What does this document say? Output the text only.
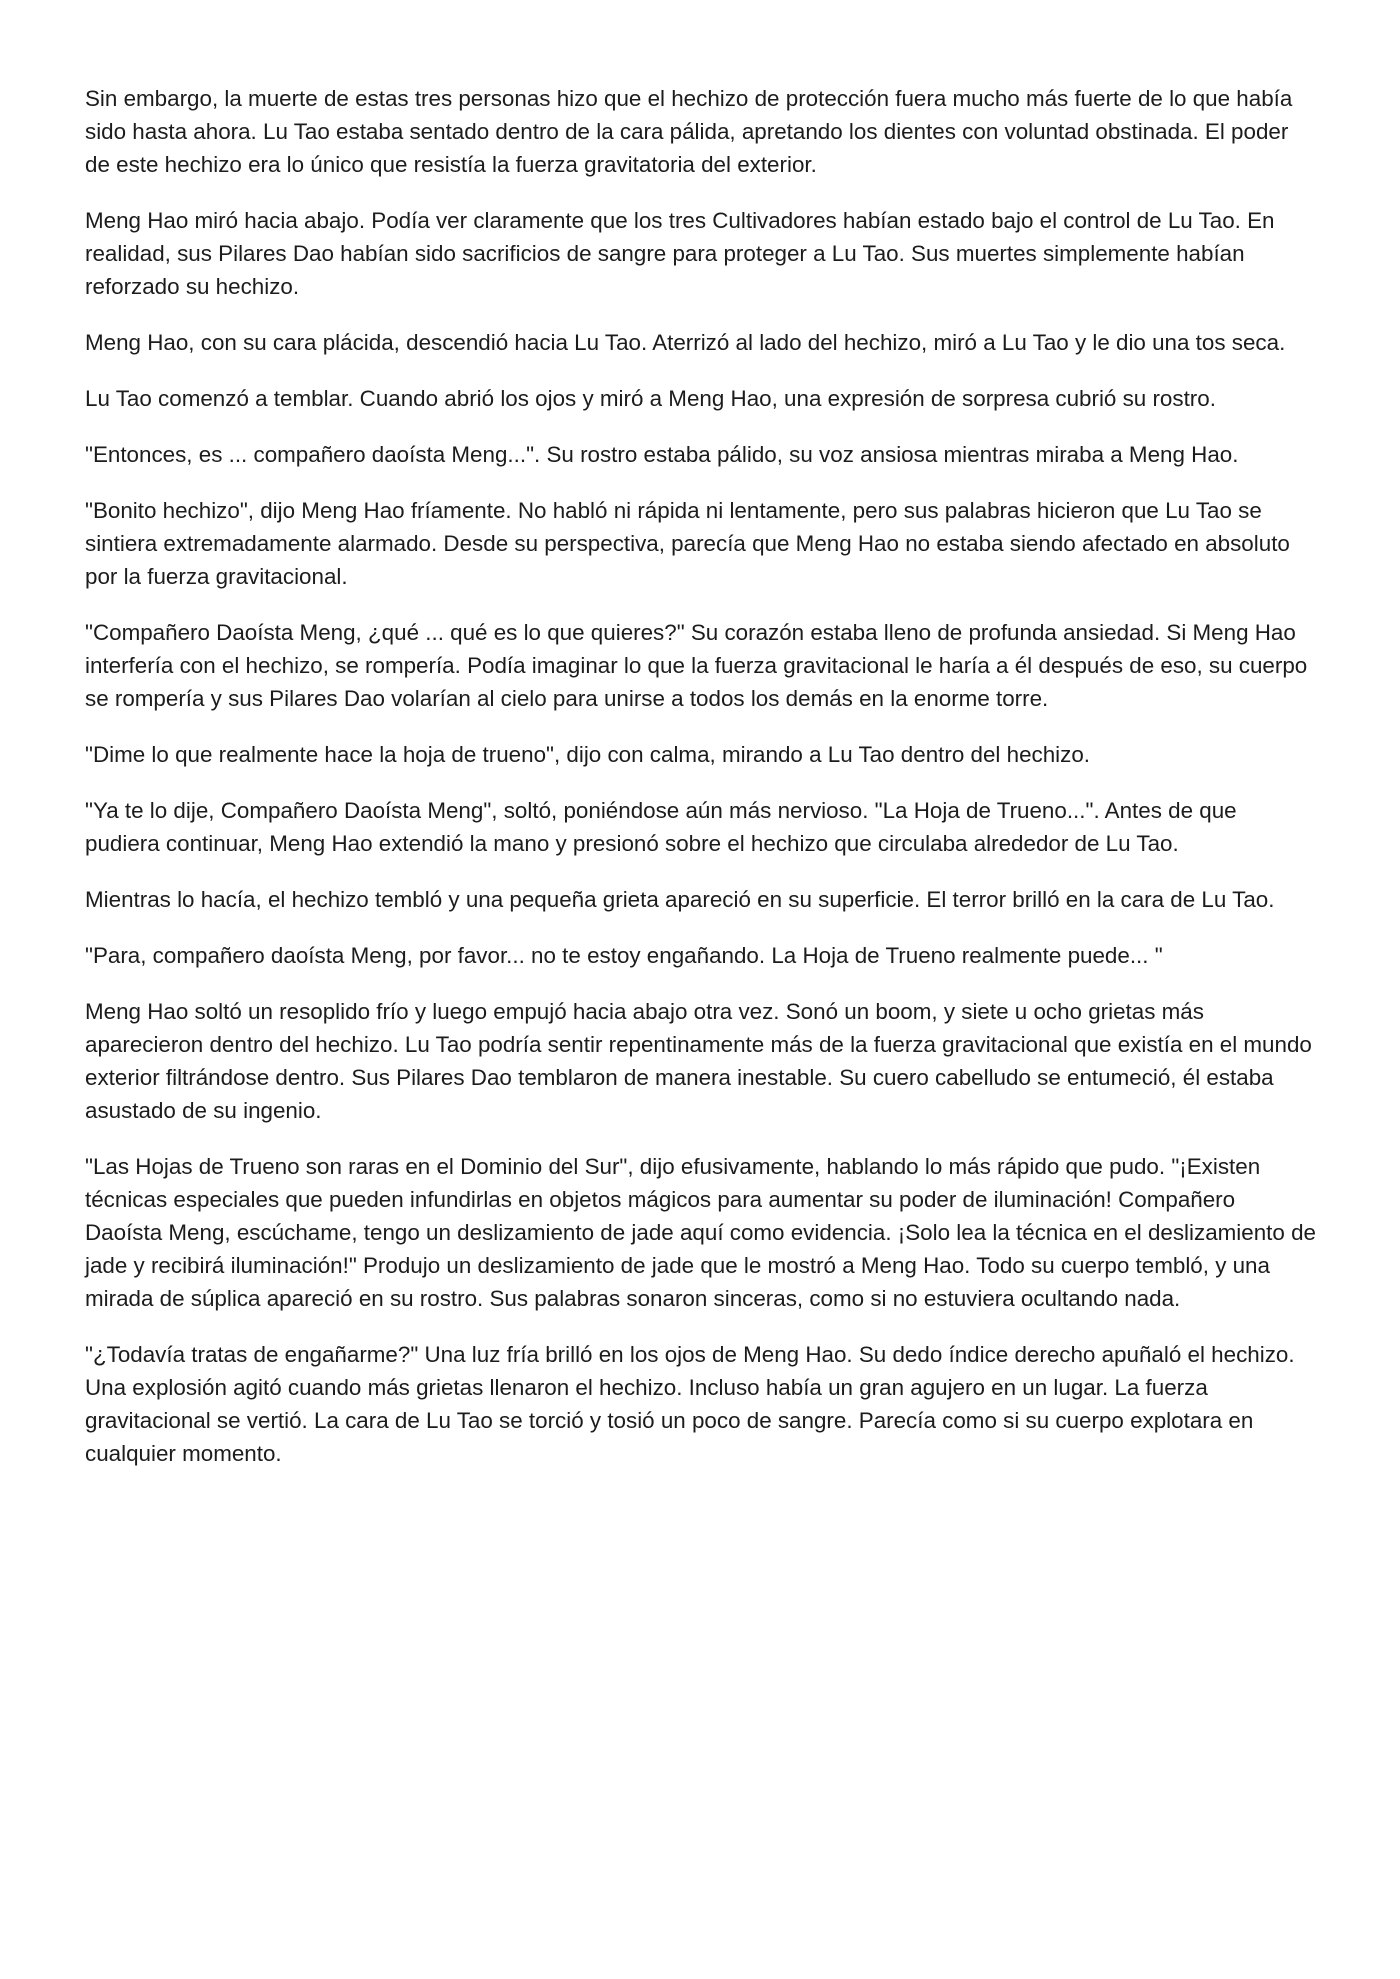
Sin embargo, la muerte de estas tres personas hizo que el hechizo de protección fuera mucho más fuerte de lo que había sido hasta ahora. Lu Tao estaba sentado dentro de la cara pálida, apretando los dientes con voluntad obstinada. El poder de este hechizo era lo único que resistía la fuerza gravitatoria del exterior.

Meng Hao miró hacia abajo. Podía ver claramente que los tres Cultivadores habían estado bajo el control de Lu Tao. En realidad, sus Pilares Dao habían sido sacrificios de sangre para proteger a Lu Tao. Sus muertes simplemente habían reforzado su hechizo.

Meng Hao, con su cara plácida, descendió hacia Lu Tao. Aterrizó al lado del hechizo, miró a Lu Tao y le dio una tos seca.

Lu Tao comenzó a temblar. Cuando abrió los ojos y miró a Meng Hao, una expresión de sorpresa cubrió su rostro.

"Entonces, es ... compañero daoísta Meng...". Su rostro estaba pálido, su voz ansiosa mientras miraba a Meng Hao.

"Bonito hechizo", dijo Meng Hao fríamente. No habló ni rápida ni lentamente, pero sus palabras hicieron que Lu Tao se sintiera extremadamente alarmado. Desde su perspectiva, parecía que Meng Hao no estaba siendo afectado en absoluto por la fuerza gravitacional.

"Compañero Daoísta Meng, ¿qué ... qué es lo que quieres?" Su corazón estaba lleno de profunda ansiedad. Si Meng Hao interfería con el hechizo, se rompería. Podía imaginar lo que la fuerza gravitacional le haría a él después de eso, su cuerpo se rompería y sus Pilares Dao volarían al cielo para unirse a todos los demás en la enorme torre.

"Dime lo que realmente hace la hoja de trueno", dijo con calma, mirando a Lu Tao dentro del hechizo.

"Ya te lo dije, Compañero Daoísta Meng", soltó, poniéndose aún más nervioso. "La Hoja de Trueno...". Antes de que pudiera continuar, Meng Hao extendió la mano y presionó sobre el hechizo que circulaba alrededor de Lu Tao.

Mientras lo hacía, el hechizo tembló y una pequeña grieta apareció en su superficie. El terror brilló en la cara de Lu Tao.

"Para, compañero daoísta Meng, por favor... no te estoy engañando. La Hoja de Trueno realmente puede... "

Meng Hao soltó un resoplido frío y luego empujó hacia abajo otra vez. Sonó un boom, y siete u ocho grietas más aparecieron dentro del hechizo. Lu Tao podría sentir repentinamente más de la fuerza gravitacional que existía en el mundo exterior filtrándose dentro. Sus Pilares Dao temblaron de manera inestable. Su cuero cabelludo se entumeció, él estaba asustado de su ingenio.

"Las Hojas de Trueno son raras en el Dominio del Sur", dijo efusivamente, hablando lo más rápido que pudo. "¡Existen técnicas especiales que pueden infundirlas en objetos mágicos para aumentar su poder de iluminación! Compañero Daoísta Meng, escúchame, tengo un deslizamiento de jade aquí como evidencia. ¡Solo lea la técnica en el deslizamiento de jade y recibirá iluminación!" Produjo un deslizamiento de jade que le mostró a Meng Hao. Todo su cuerpo tembló, y una mirada de súplica apareció en su rostro. Sus palabras sonaron sinceras, como si no estuviera ocultando nada.

"¿Todavía tratas de engañarme?" Una luz fría brilló en los ojos de Meng Hao. Su dedo índice derecho apuñaló el hechizo. Una explosión agitó cuando más grietas llenaron el hechizo. Incluso había un gran agujero en un lugar. La fuerza gravitacional se vertió. La cara de Lu Tao se torció y tosió un poco de sangre. Parecía como si su cuerpo explotara en cualquier momento.
